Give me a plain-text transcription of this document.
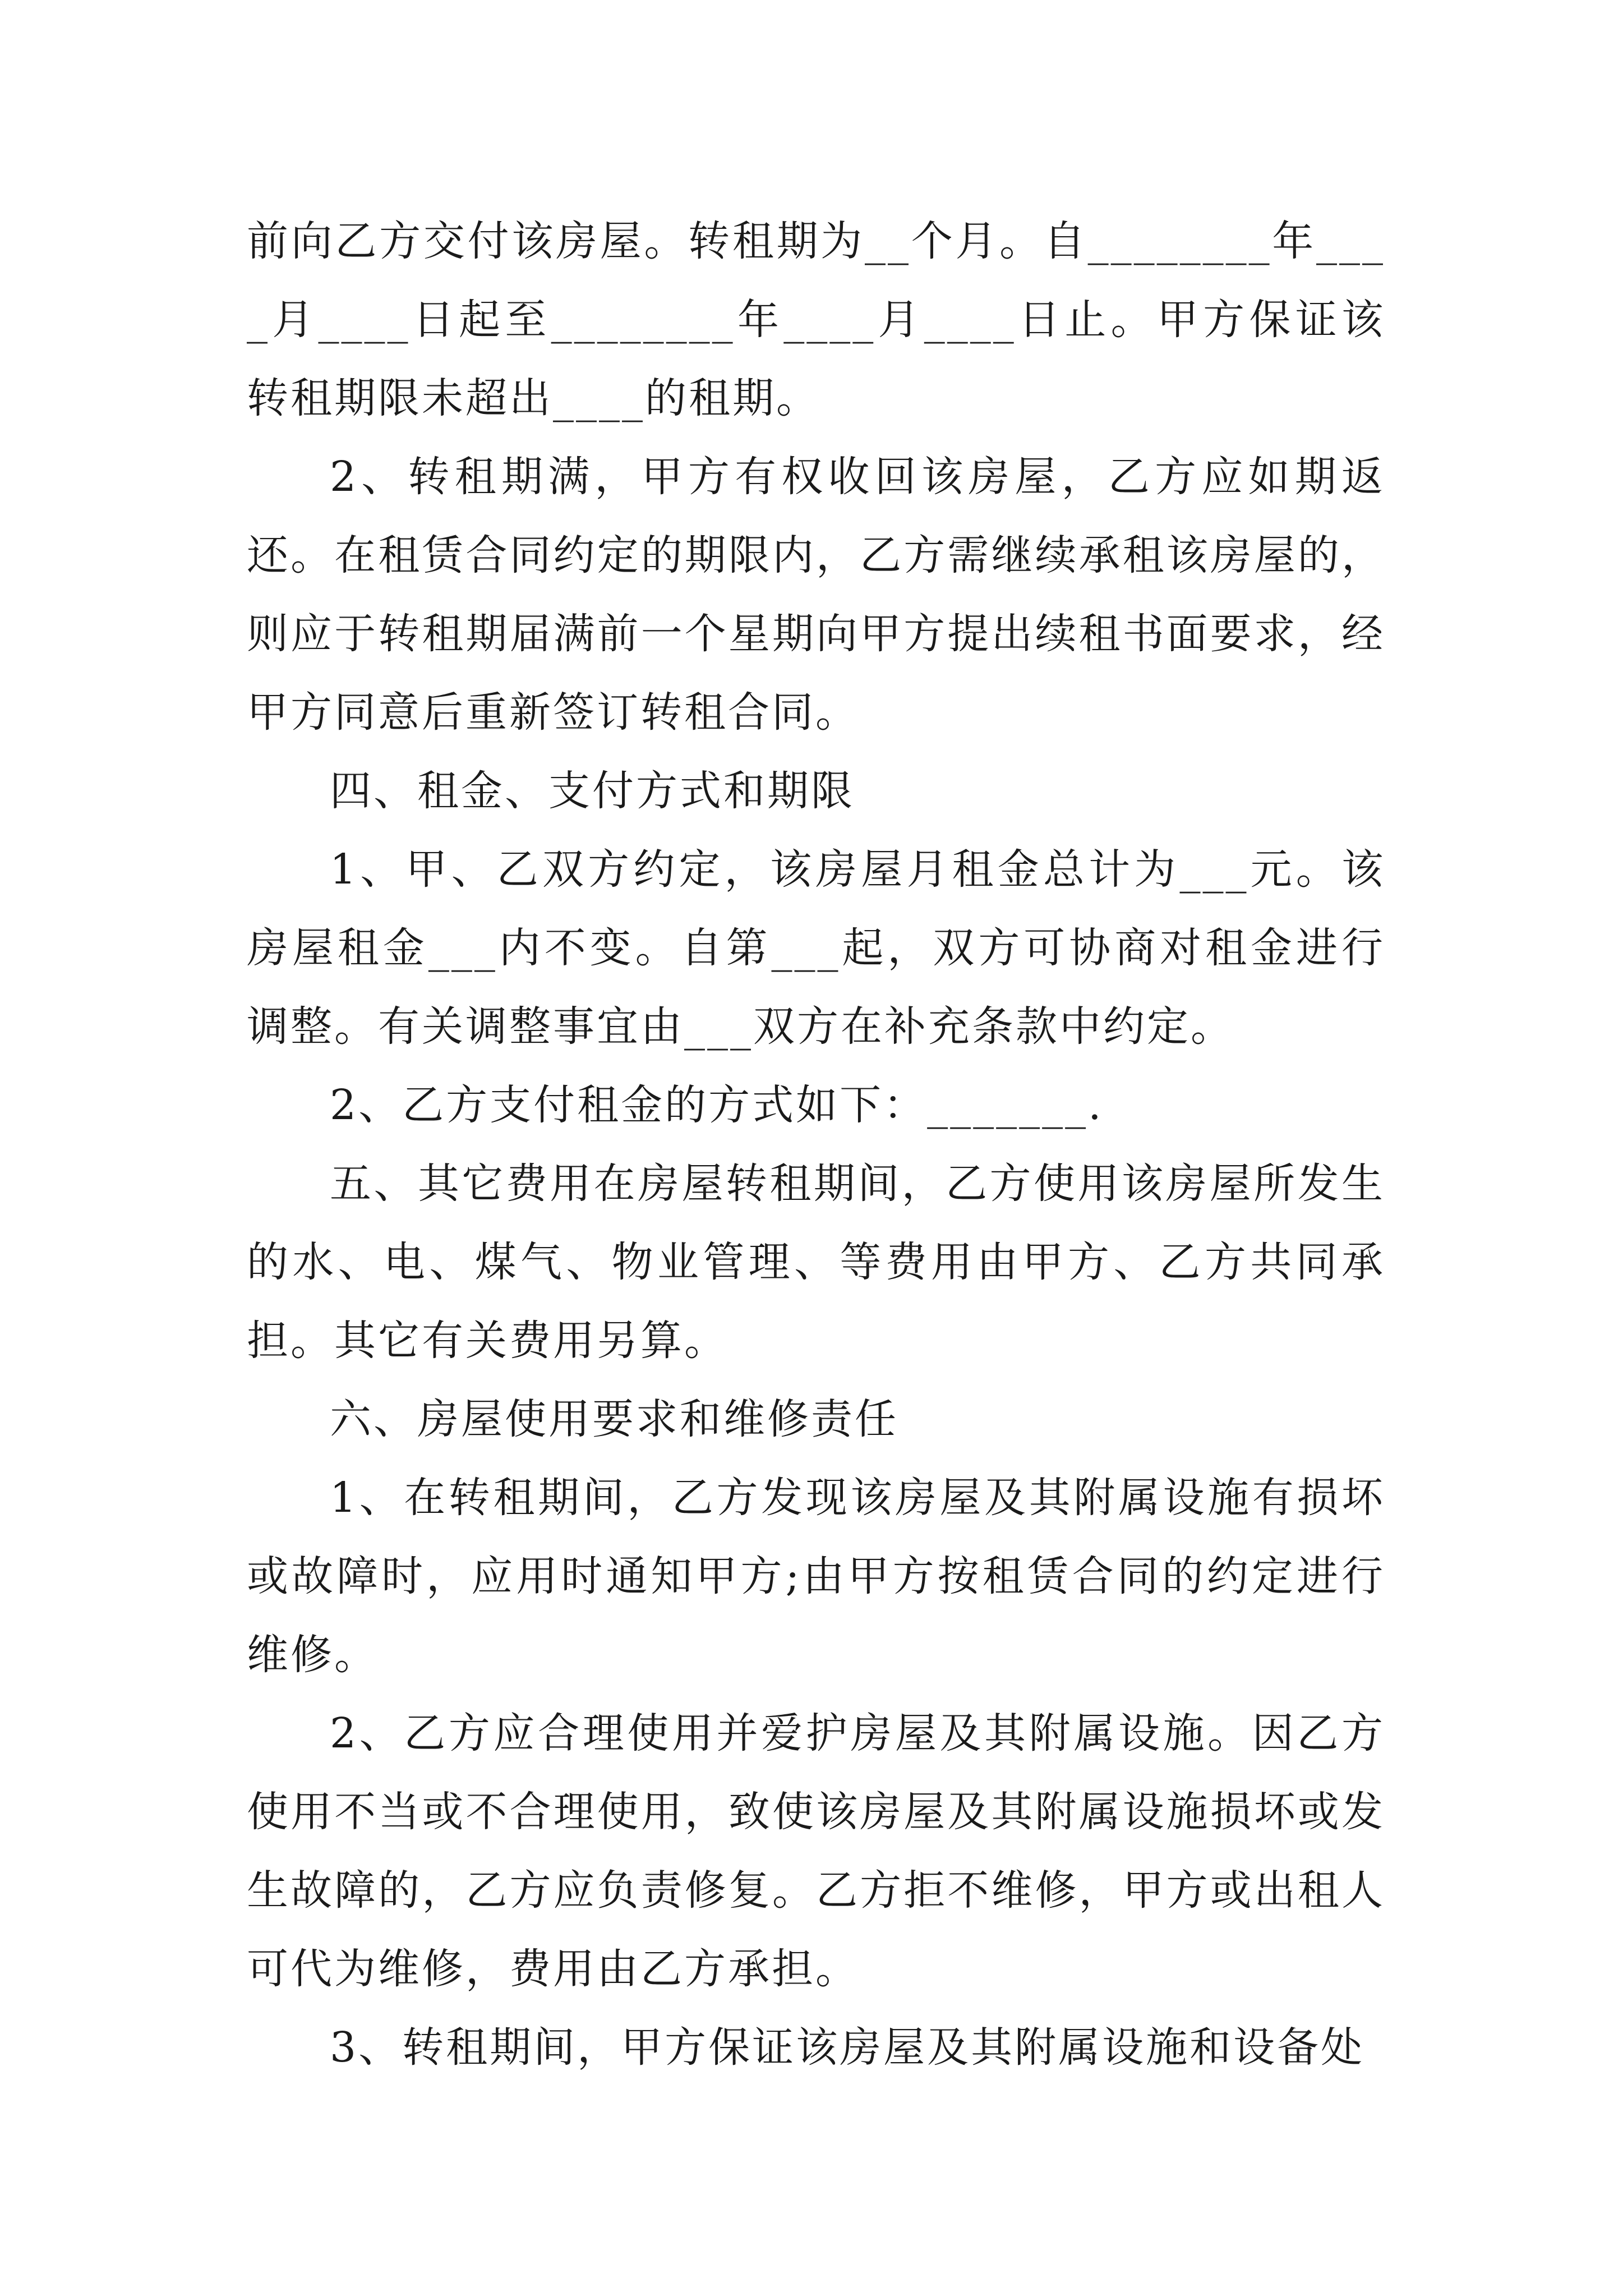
前向乙方交付该房屋。转租期为__个月。自________年____月____日起至________年____月____日止。甲方保证该转租期限未超出____的租期。

2、转租期满，甲方有权收回该房屋，乙方应如期返还。在租赁合同约定的期限内，乙方需继续承租该房屋的，则应于转租期届满前一个星期向甲方提出续租书面要求，经甲方同意后重新签订转租合同。

四、租金、支付方式和期限

1、甲、乙双方约定，该房屋月租金总计为___元。该房屋租金___内不变。自第___起，双方可协商对租金进行调整。有关调整事宜由___双方在补充条款中约定。

2、乙方支付租金的方式如下：_______.

五、其它费用在房屋转租期间，乙方使用该房屋所发生的水、电、煤气、物业管理、等费用由甲方、乙方共同承担。其它有关费用另算。

六、房屋使用要求和维修责任

1、在转租期间，乙方发现该房屋及其附属设施有损坏或故障时，应用时通知甲方;由甲方按租赁合同的约定进行维修。

2、乙方应合理使用并爱护房屋及其附属设施。因乙方使用不当或不合理使用，致使该房屋及其附属设施损坏或发生故障的，乙方应负责修复。乙方拒不维修，甲方或出租人可代为维修，费用由乙方承担。

3、转租期间，甲方保证该房屋及其附属设施和设备处
